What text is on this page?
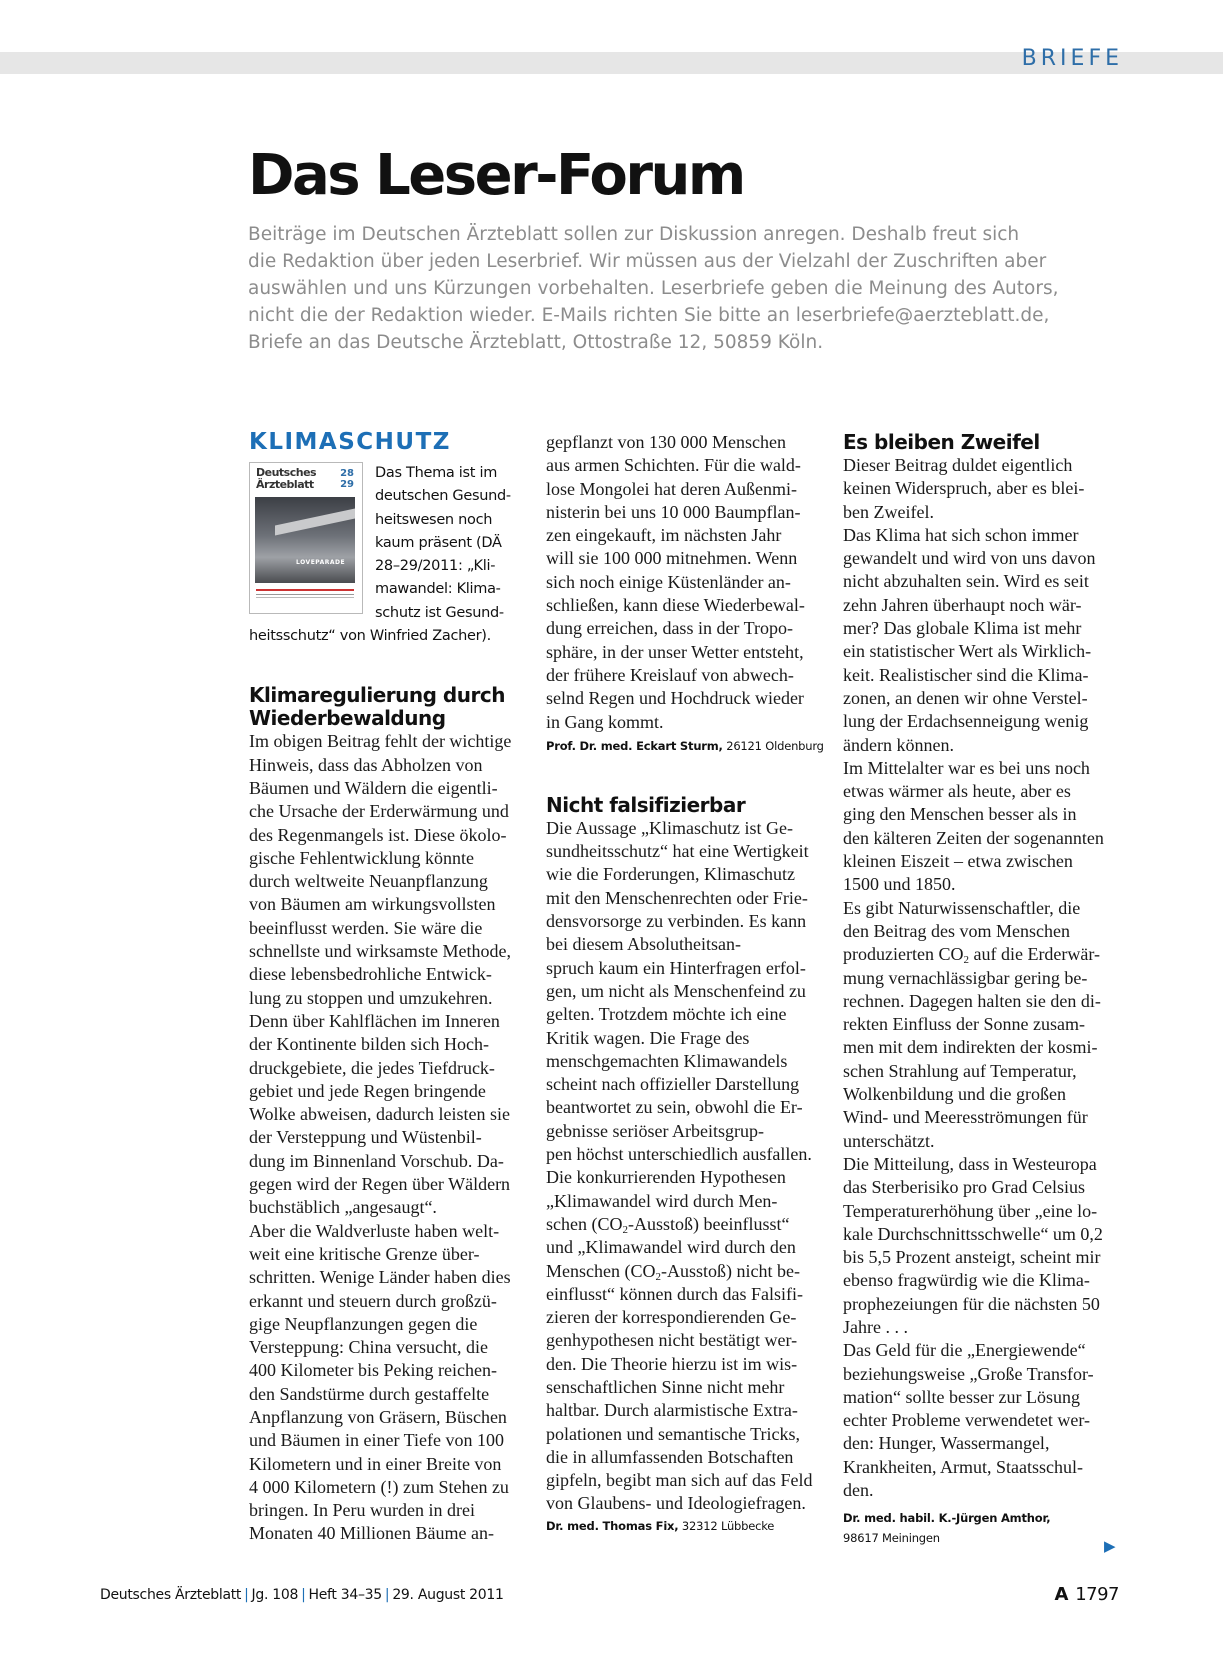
BRIEFE
Das Leser-Forum
Beiträge im Deutschen Ärzteblatt sollen zur Diskussion anregen. Deshalb freut sich
die Redaktion über jeden Leserbrief. Wir müssen aus der Vielzahl der Zuschriften aber
auswählen und uns Kürzungen vorbehalten. Leserbriefe geben die Meinung des Autors,
nicht die der Redaktion wieder. E-Mails richten Sie bitte an leserbriefe@aerzteblatt.de,
Briefe an das Deutsche Ärzteblatt, Ottostraße 12, 50859 Köln.
KLIMASCHUTZ
Deutsches
Ärzteblatt
28
29
LOVEPARADE
Das Thema ist im
deutschen Gesund-
heitswesen noch
kaum präsent (DÄ
28–29/2011: „Kli-
mawandel: Klima-
schutz ist Gesund-
heitsschutz“ von Winfried Zacher).
Klimaregulierung durch
Wiederbewaldung
Im obigen Beitrag fehlt der wichtige
Hinweis, dass das Abholzen von
Bäumen und Wäldern die eigentli-
che Ursache der Erderwärmung und
des Regenmangels ist. Diese ökolo-
gische Fehlentwicklung könnte
durch weltweite Neuanpflanzung
von Bäumen am wirkungsvollsten
beeinflusst werden. Sie wäre die
schnellste und wirksamste Methode,
diese lebensbedrohliche Entwick-
lung zu stoppen und umzukehren.
Denn über Kahlflächen im Inneren
der Kontinente bilden sich Hoch-
druckgebiete, die jedes Tiefdruck-
gebiet und jede Regen bringende
Wolke abweisen, dadurch leisten sie
der Versteppung und Wüstenbil-
dung im Binnenland Vorschub. Da-
gegen wird der Regen über Wäldern
buchstäblich „angesaugt“.
Aber die Waldverluste haben welt-
weit eine kritische Grenze über-
schritten. Wenige Länder haben dies
erkannt und steuern durch großzü-
gige Neupflanzungen gegen die
Versteppung: China versucht, die
400 Kilometer bis Peking reichen-
den Sandstürme durch gestaffelte
Anpflanzung von Gräsern, Büschen
und Bäumen in einer Tiefe von 100
Kilometern und in einer Breite von
4 000 Kilometern (!) zum Stehen zu
bringen. In Peru wurden in drei
Monaten 40 Millionen Bäume an-
gepflanzt von 130 000 Menschen
aus armen Schichten. Für die wald-
lose Mongolei hat deren Außenmi-
nisterin bei uns 10 000 Baumpflan-
zen eingekauft, im nächsten Jahr
will sie 100 000 mitnehmen. Wenn
sich noch einige Küstenländer an-
schließen, kann diese Wiederbewal-
dung erreichen, dass in der Tropo-
sphäre, in der unser Wetter entsteht,
der frühere Kreislauf von abwech-
selnd Regen und Hochdruck wieder
in Gang kommt.
Prof. Dr. med. Eckart Sturm, 26121 Oldenburg
Nicht falsifizierbar
Die Aussage „Klimaschutz ist Ge-
sundheitsschutz“ hat eine Wertigkeit
wie die Forderungen, Klimaschutz
mit den Menschenrechten oder Frie-
densvorsorge zu verbinden. Es kann
bei diesem Absolutheitsan-
spruch kaum ein Hinterfragen erfol-
gen, um nicht als Menschenfeind zu
gelten. Trotzdem möchte ich eine
Kritik wagen. Die Frage des
menschgemachten Klimawandels
scheint nach offizieller Darstellung
beantwortet zu sein, obwohl die Er-
gebnisse seriöser Arbeitsgrup-
pen höchst unterschiedlich ausfallen.
Die konkurrierenden Hypothesen
„Klimawandel wird durch Men-
schen $(CO_2-Ausstoß)$ beeinflusst“
und „Klimawandel wird durch den
Menschen $(CO_2-Ausstoß)$ nicht be-
einflusst“ können durch das Falsifi-
zieren der korrespondierenden Ge-
genhypothesen nicht bestätigt wer-
den. Die Theorie hierzu ist im wis-
senschaftlichen Sinne nicht mehr
haltbar. Durch alarmistische Extra-
polationen und semantische Tricks,
die in allumfassenden Botschaften
gipfeln, begibt man sich auf das Feld
von Glaubens- und Ideologiefragen.
Dr. med. Thomas Fix, 32312 Lübbecke
Es bleiben Zweifel
Dieser Beitrag duldet eigentlich
keinen Widerspruch, aber es blei-
ben Zweifel.
Das Klima hat sich schon immer
gewandelt und wird von uns davon
nicht abzuhalten sein. Wird es seit
zehn Jahren überhaupt noch wär-
mer? Das globale Klima ist mehr
ein statistischer Wert als Wirklich-
keit. Realistischer sind die Klima-
zonen, an denen wir ohne Verstel-
lung der Erdachsenneigung wenig
ändern können.
Im Mittelalter war es bei uns noch
etwas wärmer als heute, aber es
ging den Menschen besser als in
den kälteren Zeiten der sogenannten
kleinen Eiszeit – etwa zwischen
1500 und 1850.
Es gibt Naturwissenschaftler, die
den Beitrag des vom Menschen
produzierten $CO_2$ auf die Erderwär-
mung vernachlässigbar gering be-
rechnen. Dagegen halten sie den di-
rekten Einfluss der Sonne zusam-
men mit dem indirekten der kosmi-
schen Strahlung auf Temperatur,
Wolkenbildung und die großen
Wind- und Meeresströmungen für
unterschätzt.
Die Mitteilung, dass in Westeuropa
das Sterberisiko pro Grad Celsius
Temperaturerhöhung über „eine lo-
kale Durchschnittsschwelle“ um 0,2
bis 5,5 Prozent ansteigt, scheint mir
ebenso fragwürdig wie die Klima-
prophezeiungen für die nächsten 50
Jahre . . .
Das Geld für die „Energiewende“
beziehungsweise „Große Transfor-
mation“ sollte besser zur Lösung
echter Probleme verwendetet wer-
den: Hunger, Wassermangel,
Krankheiten, Armut, Staatsschul-
den.
Dr. med. habil. K.-Jürgen Amthor,
98617 Meiningen	▶
Deutsches Ärzteblatt | Jg. 108 | Heft 34–35 | 29. August 2011	A 1797
